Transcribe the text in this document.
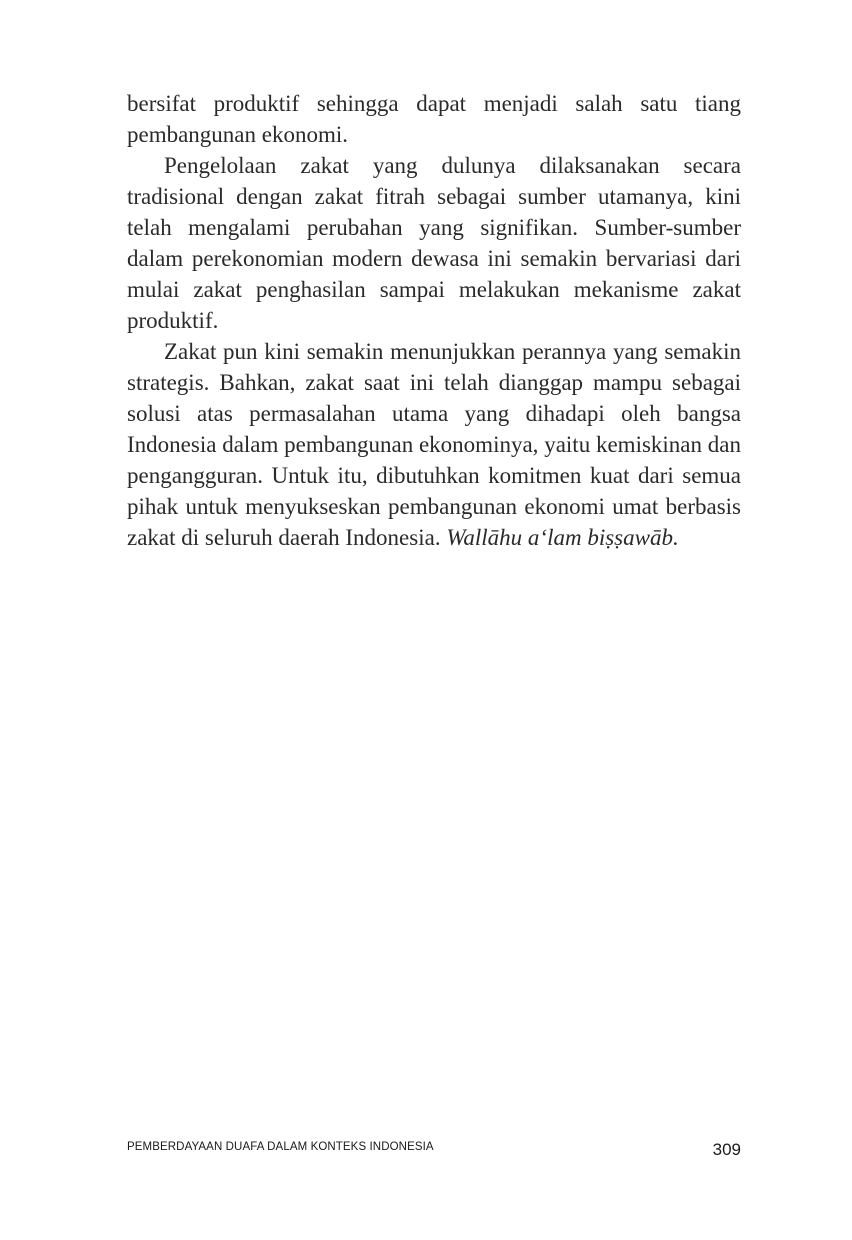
bersifat produktif sehingga dapat menjadi salah satu tiang pembangunan ekonomi.

Pengelolaan zakat yang dulunya dilaksanakan secara tradisional dengan zakat fitrah sebagai sumber utamanya, kini telah mengalami perubahan yang signifikan. Sumber-sumber dalam perekonomian modern dewasa ini semakin bervariasi dari mulai zakat penghasilan sampai melakukan mekanisme zakat produktif.

Zakat pun kini semakin menunjukkan perannya yang semakin strategis. Bahkan, zakat saat ini telah dianggap mampu sebagai solusi atas permasalahan utama yang dihadapi oleh bangsa Indonesia dalam pembangunan ekonominya, yaitu kemiskinan dan pengangguran. Untuk itu, dibutuhkan komitmen kuat dari semua pihak untuk menyukseskan pembangunan ekonomi umat berbasis zakat di seluruh daerah Indonesia. Wallāhu a‘lam biṣṣawāb.

PEMBERDAYAAN DUAFA DALAM KONTEKS INDONESIA	309
